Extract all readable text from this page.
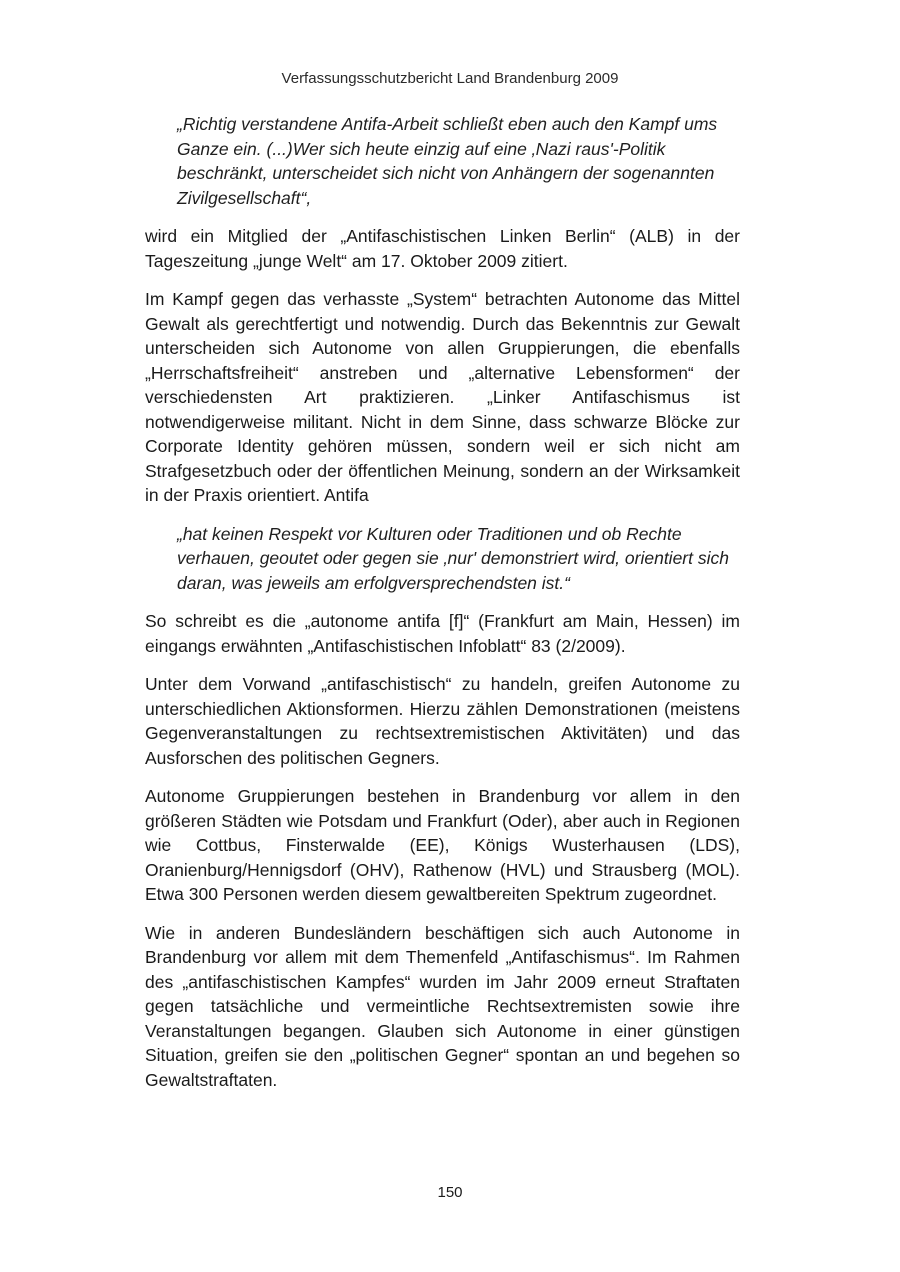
Verfassungsschutzbericht Land Brandenburg 2009

„Richtig verstandene Antifa-Arbeit schließt eben auch den Kampf ums Ganze ein. (...)Wer sich heute einzig auf eine ‚Nazi raus'-Politik beschränkt, unterscheidet sich nicht von Anhängern der sogenannten Zivilgesellschaft“,

wird ein Mitglied der „Antifaschistischen Linken Berlin“ (ALB) in der Tageszeitung „junge Welt“ am 17. Oktober 2009 zitiert.

Im Kampf gegen das verhasste „System“ betrachten Autonome das Mittel Gewalt als gerechtfertigt und notwendig. Durch das Bekenntnis zur Gewalt unterscheiden sich Autonome von allen Gruppierungen, die ebenfalls „Herrschaftsfreiheit“ anstreben und „alternative Lebensformen“ der verschiedensten Art praktizieren. „Linker Antifaschismus ist notwendigerweise militant. Nicht in dem Sinne, dass schwarze Blöcke zur Corporate Identity gehören müssen, sondern weil er sich nicht am Strafgesetzbuch oder der öffentlichen Meinung, sondern an der Wirksamkeit in der Praxis orientiert. Antifa

„hat keinen Respekt vor Kulturen oder Traditionen und ob Rechte verhauen, geoutet oder gegen sie ‚nur' demonstriert wird, orientiert sich daran, was jeweils am erfolgversprechendsten ist.“

So schreibt es die „autonome antifa [f]“ (Frankfurt am Main, Hessen) im eingangs erwähnten „Antifaschistischen Infoblatt“ 83 (2/2009).

Unter dem Vorwand „antifaschistisch“ zu handeln, greifen Autonome zu unterschiedlichen Aktionsformen. Hierzu zählen Demonstrationen (meistens Gegenveranstaltungen zu rechtsextremistischen Aktivitäten) und das Ausforschen des politischen Gegners.

Autonome Gruppierungen bestehen in Brandenburg vor allem in den größeren Städten wie Potsdam und Frankfurt (Oder), aber auch in Regionen wie Cottbus, Finsterwalde (EE), Königs Wusterhausen (LDS), Oranienburg/Hennigsdorf (OHV), Rathenow (HVL) und Strausberg (MOL). Etwa 300 Personen werden diesem gewaltbereiten Spektrum zugeordnet.

Wie in anderen Bundesländern beschäftigen sich auch Autonome in Brandenburg vor allem mit dem Themenfeld „Antifaschismus“. Im Rahmen des „antifaschistischen Kampfes“ wurden im Jahr 2009 erneut Straftaten gegen tatsächliche und vermeintliche Rechtsextremisten sowie ihre Veranstaltungen begangen. Glauben sich Autonome in einer günstigen Situation, greifen sie den „politischen Gegner“ spontan an und begehen so Gewaltstraftaten.

150
